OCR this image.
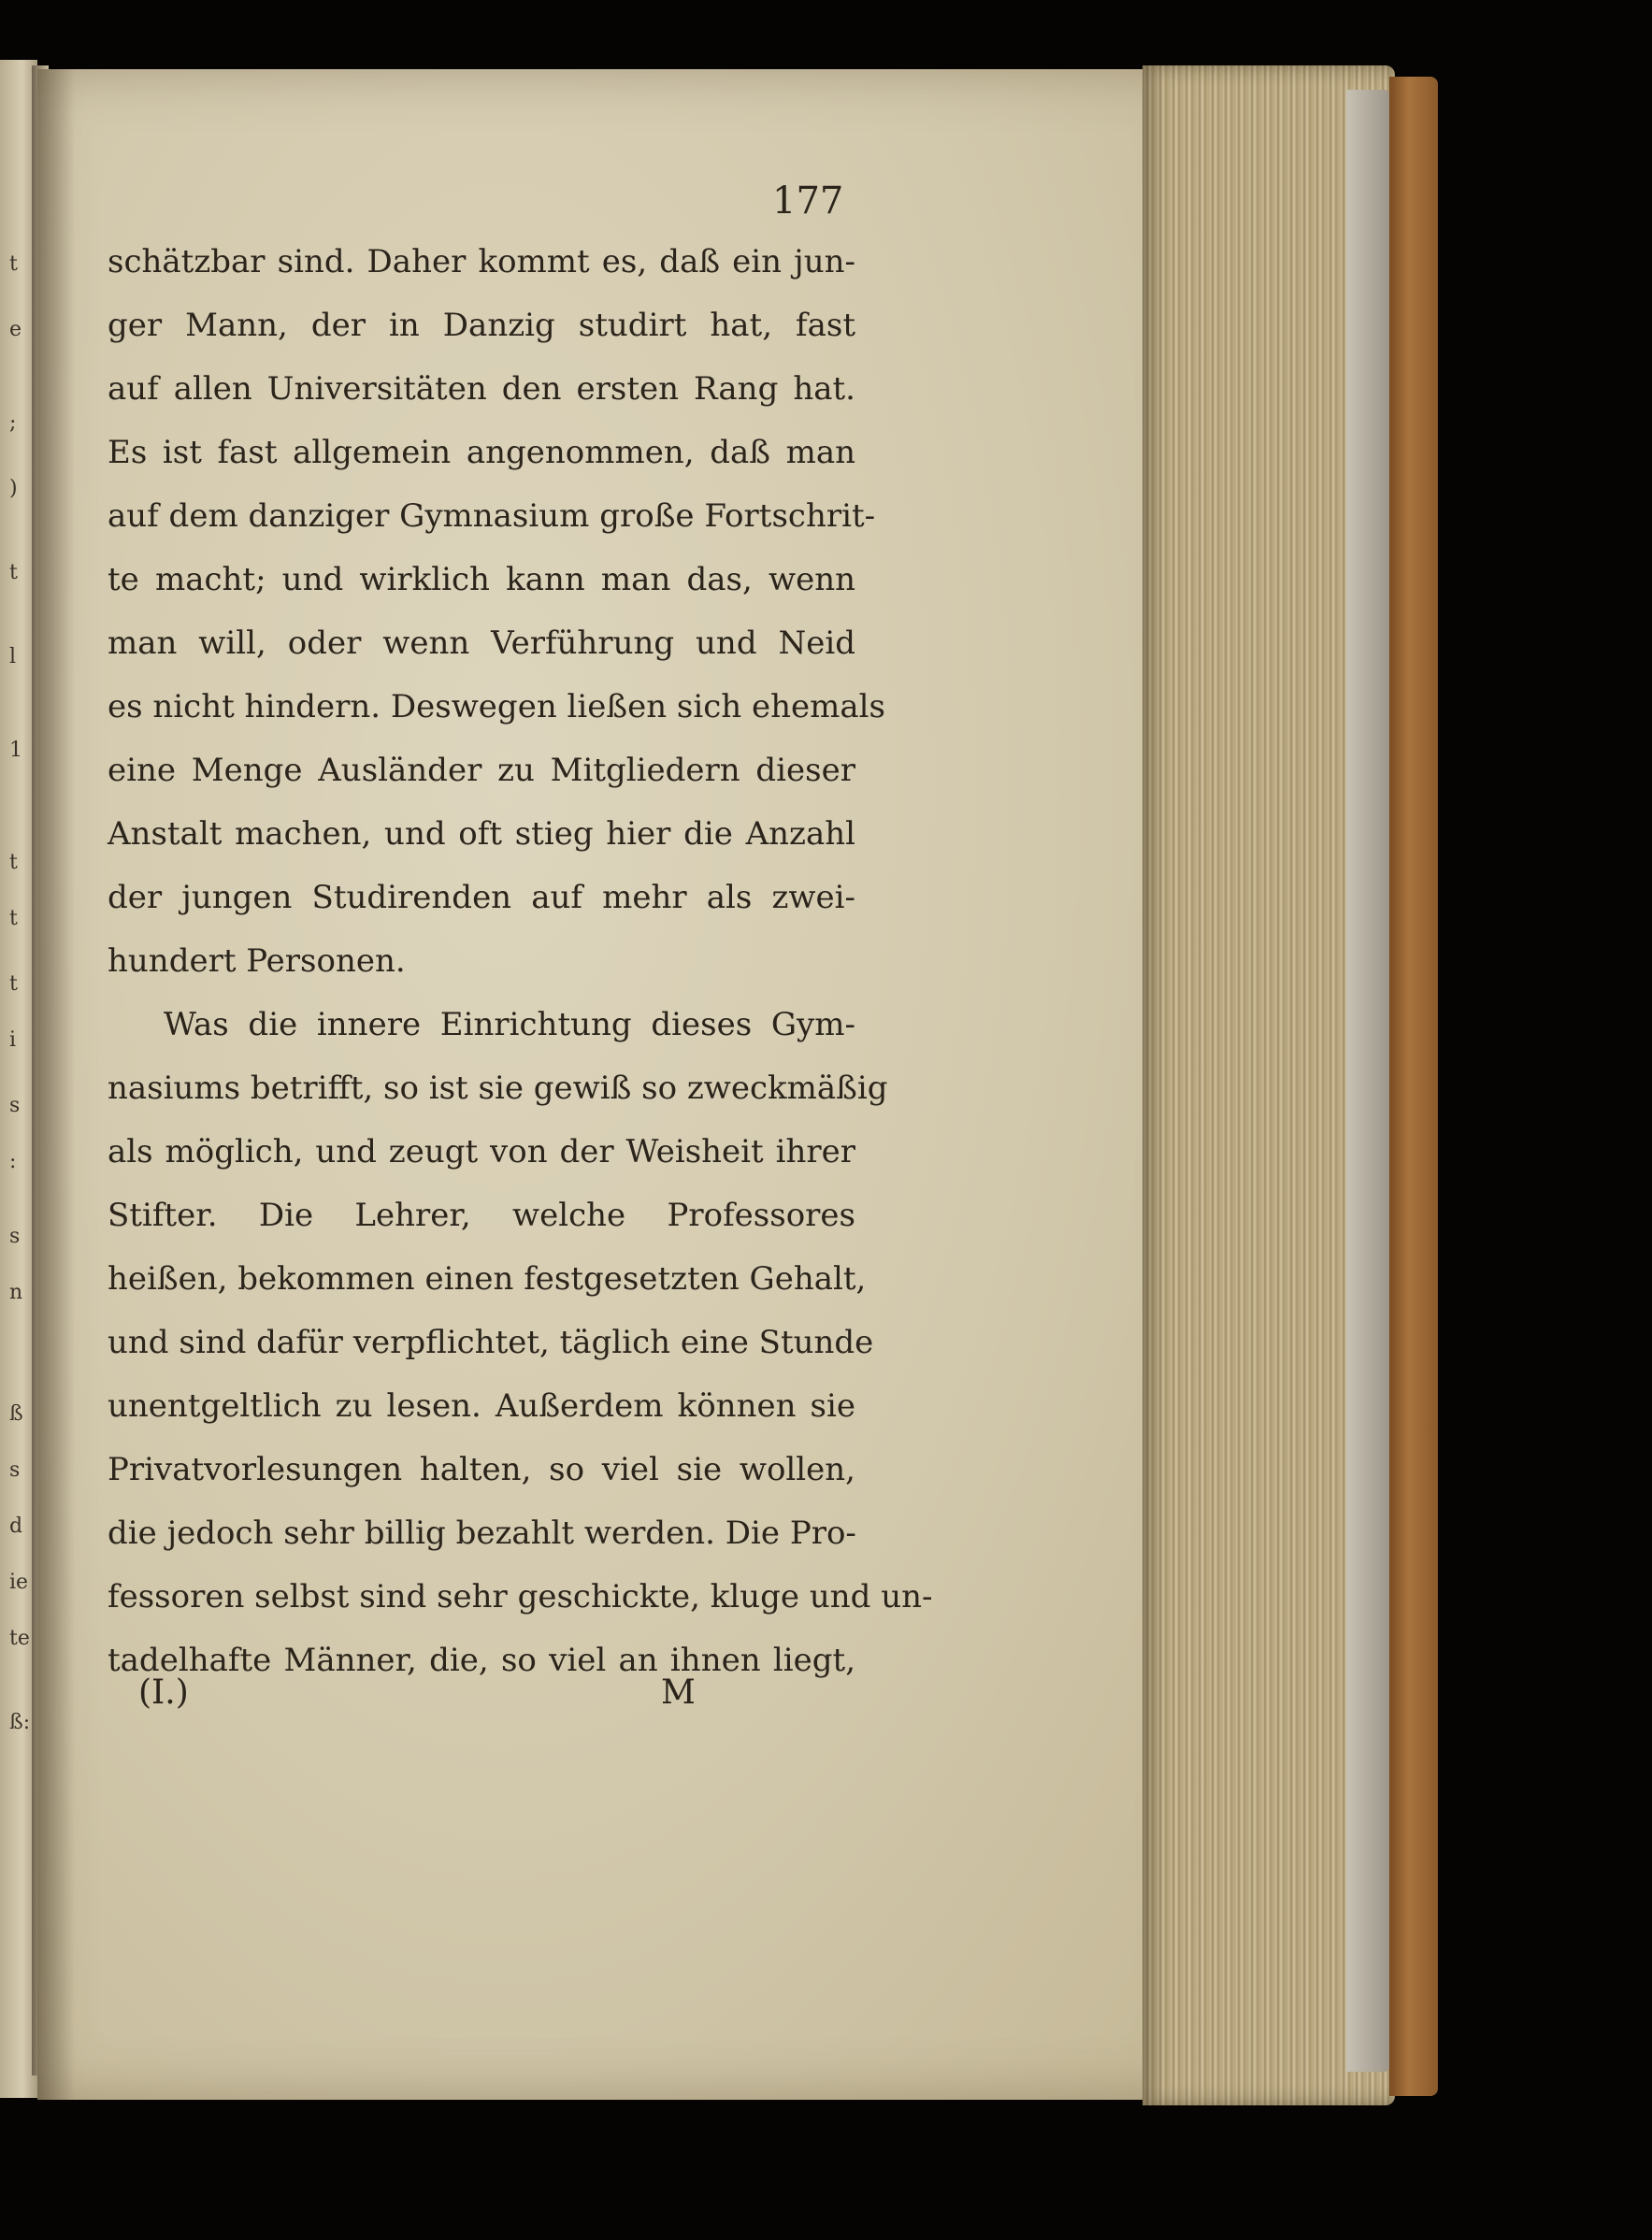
t
e
;
)
t
l
1
t
t
t
i
s
:
s
n
ß
s
d
ie
te
ß:
177
schätzbar sind. Daher kommt es, daß ein jun-
ger Mann, der in Danzig studirt hat, fast
auf allen Universitäten den ersten Rang hat.
Es ist fast allgemein angenommen, daß man
auf dem danziger Gymnasium große Fortschrit-
te macht; und wirklich kann man das, wenn
man will, oder wenn Verführung und Neid
es nicht hindern. Deswegen ließen sich ehemals
eine Menge Ausländer zu Mitgliedern dieser
Anstalt machen, und oft stieg hier die Anzahl
der jungen Studirenden auf mehr als zwei-
hundert Personen.
Was die innere Einrichtung dieses Gym-
nasiums betrifft, so ist sie gewiß so zweckmäßig
als möglich, und zeugt von der Weisheit ihrer
Stifter. Die Lehrer, welche Professores
heißen, bekommen einen festgesetzten Gehalt,
und sind dafür verpflichtet, täglich eine Stunde
unentgeltlich zu lesen. Außerdem können sie
Privatvorlesungen halten, so viel sie wollen,
die jedoch sehr billig bezahlt werden. Die Pro-
fessoren selbst sind sehr geschickte, kluge und un-
tadelhafte Männer, die, so viel an ihnen liegt,
(I.)	M
